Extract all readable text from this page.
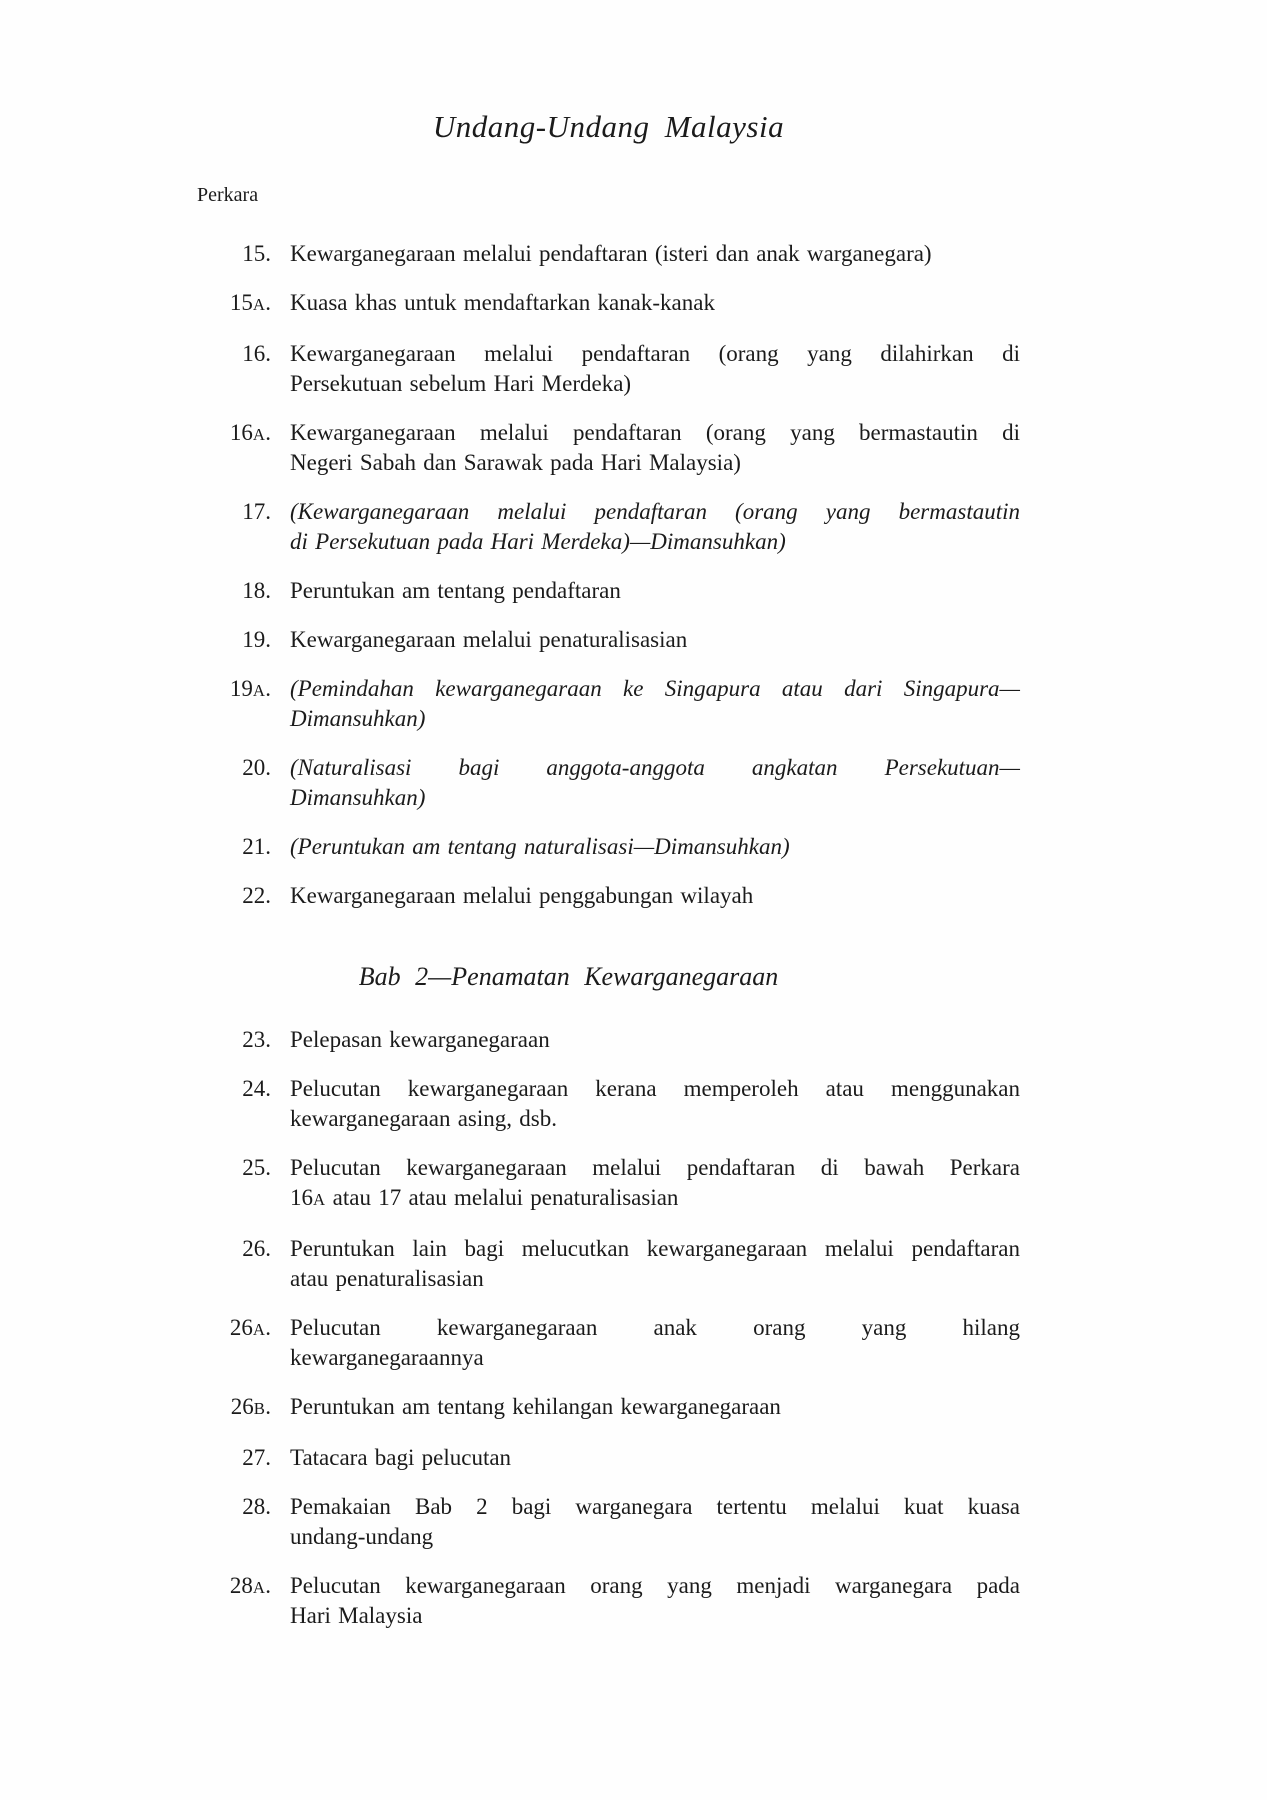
Undang-Undang Malaysia
Perkara
15. Kewarganegaraan melalui pendaftaran (isteri dan anak warganegara)
15A. Kuasa khas untuk mendaftarkan kanak-kanak
16. Kewarganegaraan melalui pendaftaran (orang yang dilahirkan di
Persekutuan sebelum Hari Merdeka)
16A. Kewarganegaraan melalui pendaftaran (orang yang bermastautin di
Negeri Sabah dan Sarawak pada Hari Malaysia)
17. (Kewarganegaraan melalui pendaftaran (orang yang bermastautin
di Persekutuan pada Hari Merdeka)—Dimansuhkan)
18. Peruntukan am tentang pendaftaran
19. Kewarganegaraan melalui penaturalisasian
19A. (Pemindahan kewarganegaraan ke Singapura atau dari Singapura—
Dimansuhkan)
20. (Naturalisasi bagi anggota-anggota angkatan Persekutuan—
Dimansuhkan)
21. (Peruntukan am tentang naturalisasi—Dimansuhkan)
22. Kewarganegaraan melalui penggabungan wilayah
Bab 2—Penamatan Kewarganegaraan
23. Pelepasan kewarganegaraan
24. Pelucutan kewarganegaraan kerana memperoleh atau menggunakan
kewarganegaraan asing, dsb.
25. Pelucutan kewarganegaraan melalui pendaftaran di bawah Perkara
16A atau 17 atau melalui penaturalisasian
26. Peruntukan lain bagi melucutkan kewarganegaraan melalui pendaftaran
atau penaturalisasian
26A. Pelucutan kewarganegaraan anak orang yang hilang
kewarganegaraannya
26B. Peruntukan am tentang kehilangan kewarganegaraan
27. Tatacara bagi pelucutan
28. Pemakaian Bab 2 bagi warganegara tertentu melalui kuat kuasa
undang-undang
28A. Pelucutan kewarganegaraan orang yang menjadi warganegara pada
Hari Malaysia
